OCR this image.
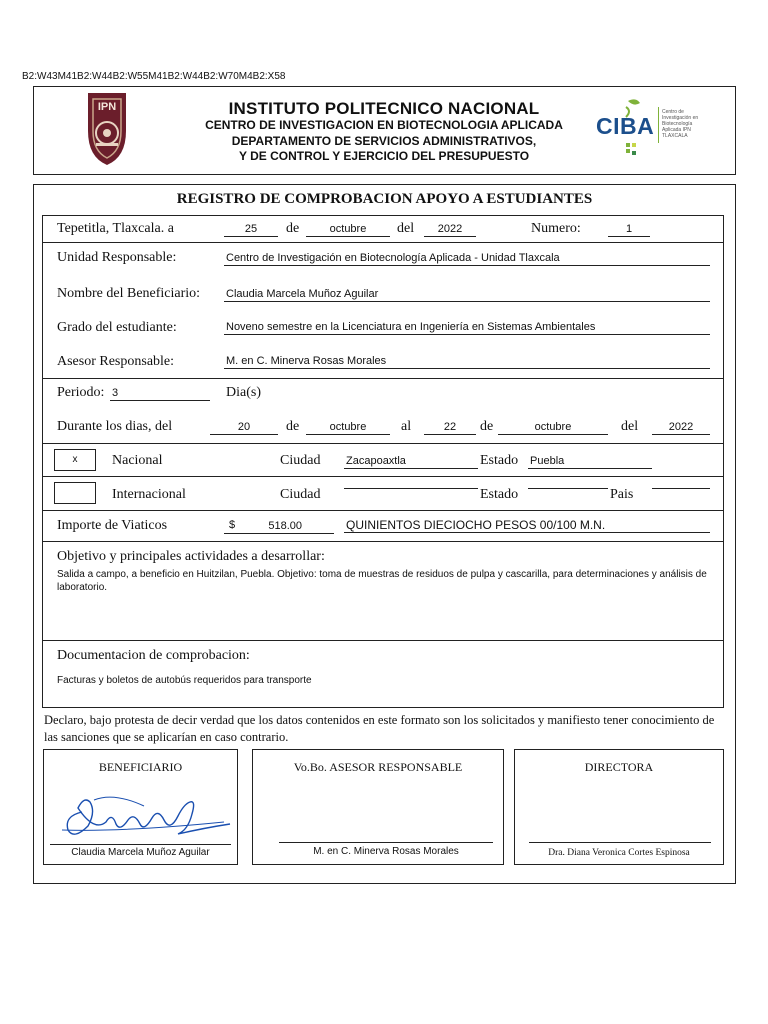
B2:W43M41B2:W44B2:W55M41B2:W44B2:W70M4B2:X58
IPN	INSTITUTO POLITECNICO NACIONAL
CENTRO DE INVESTIGACION EN BIOTECNOLOGIA APLICADA
DEPARTAMENTO DE SERVICIOS ADMINISTRATIVOS,
Y DE CONTROL Y EJERCICIO DEL PRESUPUESTO
CIBA
Centro de Investigación en Biotecnología Aplicada IPN TLAXCALA
REGISTRO DE COMPROBACION APOYO A ESTUDIANTES
Tepetitla, Tlaxcala. a	25	de	octubre	del	2022	Numero:	1
Unidad Responsable:	Centro de Investigación en Biotecnología Aplicada - Unidad Tlaxcala
Nombre del Beneficiario: Claudia Marcela Muñoz Aguilar
Grado del estudiante:	Noveno semestre en la Licenciatura en Ingeniería en Sistemas Ambientales
Asesor Responsable:	M. en C. Minerva Rosas Morales
Periodo: 3	Dia(s)
Durante los dias, del	20	de	octubre	al	22	de	octubre	del	2022
x	Nacional	Ciudad Zacapoaxtla	Estado Puebla
Internacional	Ciudad	Estado	Pais
Importe de Viaticos	$	518.00	QUINIENTOS DIECIOCHO PESOS 00/100 M.N.
Objetivo y principales actividades a desarrollar:
Salida a campo, a beneficio en Huitzilan, Puebla. Objetivo: toma de muestras de residuos de pulpa y cascarilla, para determinaciones y análisis de laboratorio.
Documentacion de comprobacion:
Facturas y boletos de autobús requeridos para transporte
Declaro, bajo protesta de decir verdad que los datos contenidos en este formato son los solicitados y manifiesto tener conocimiento de las sanciones que se aplicarían en caso contrario.
BENEFICIARIO
Claudia Marcela Muñoz Aguilar
Vo.Bo. ASESOR RESPONSABLE
M. en C. Minerva Rosas Morales
DIRECTORA
Dra. Diana Veronica Cortes Espinosa
